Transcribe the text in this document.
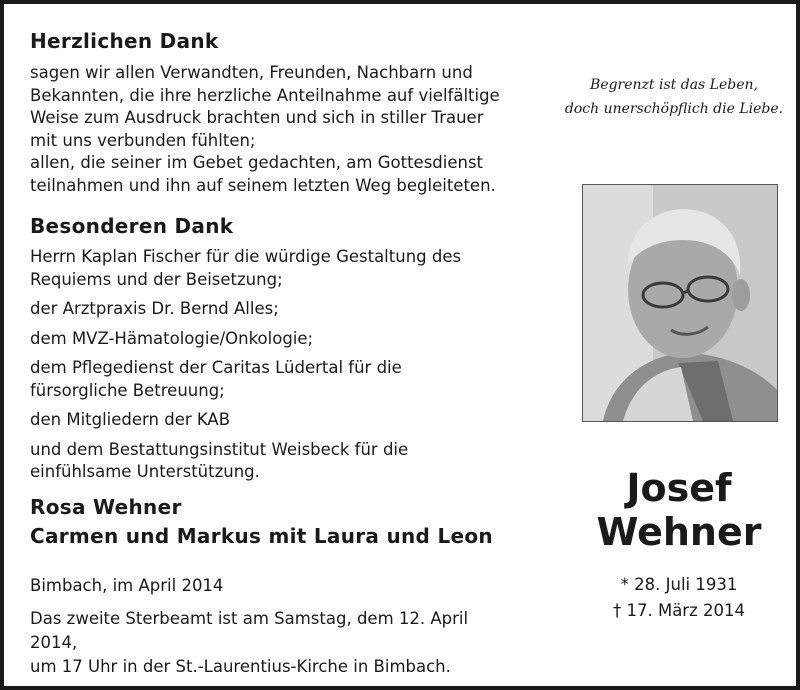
Herzlichen Dank
sagen wir allen Verwandten, Freunden, Nachbarn und
Bekannten, die ihre herzliche Anteilnahme auf vielfältige
Weise zum Ausdruck brachten und sich in stiller Trauer
mit uns verbunden fühlten;
allen, die seiner im Gebet gedachten, am Gottesdienst
teilnahmen und ihn auf seinem letzten Weg begleiteten.
Besonderen Dank
Herrn Kaplan Fischer für die würdige Gestaltung des Requiems und der Beisetzung;
der Arztpraxis Dr. Bernd Alles;
dem MVZ-Hämatologie/Onkologie;
dem Pflegedienst der Caritas Lüdertal für die fürsorgliche Betreuung;
den Mitgliedern der KAB
und dem Bestattungsinstitut Weisbeck für die einfühlsame Unterstützung.
Rosa Wehner
Carmen und Markus mit Laura und Leon
Bimbach, im April 2014
Das zweite Sterbeamt ist am Samstag, dem 12. April 2014,
um 17 Uhr in der St.-Laurentius-Kirche in Bimbach.
Begrenzt ist das Leben,
doch unerschöpflich die Liebe.
Josef
Wehner
* 28. Juli 1931
† 17. März 2014
